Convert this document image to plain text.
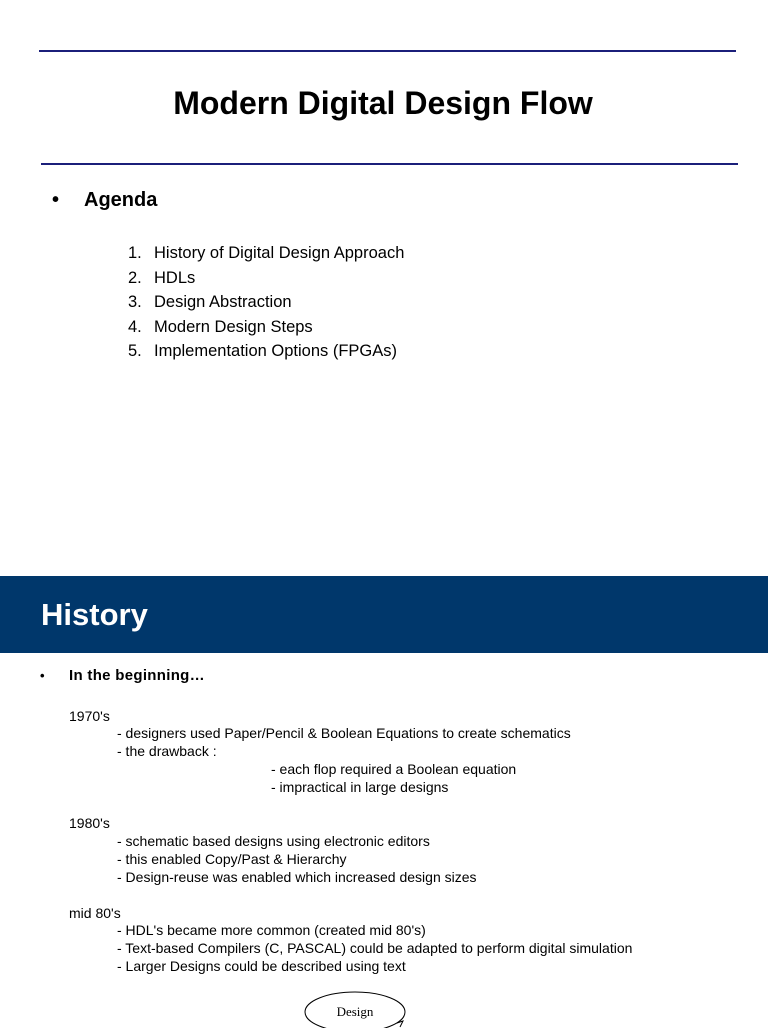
Modern Digital Design Flow
• Agenda
1. History of Digital Design Approach
2. HDLs
3. Design Abstraction
4. Modern Design Steps
5. Implementation Options (FPGAs)
History
• In the beginning…
1970's
- designers used Paper/Pencil & Boolean Equations to create schematics
- the drawback :
- each flop required a Boolean equation
- impractical in large designs
1980's
- schematic based designs using electronic editors
- this enabled Copy/Past & Hierarchy
- Design-reuse was enabled which increased design sizes
mid 80's
- HDL's became more common (created mid 80's)
- Text-based Compilers (C, PASCAL) could be adapted to perform digital simulation
- Larger Designs could be described using text
Design
